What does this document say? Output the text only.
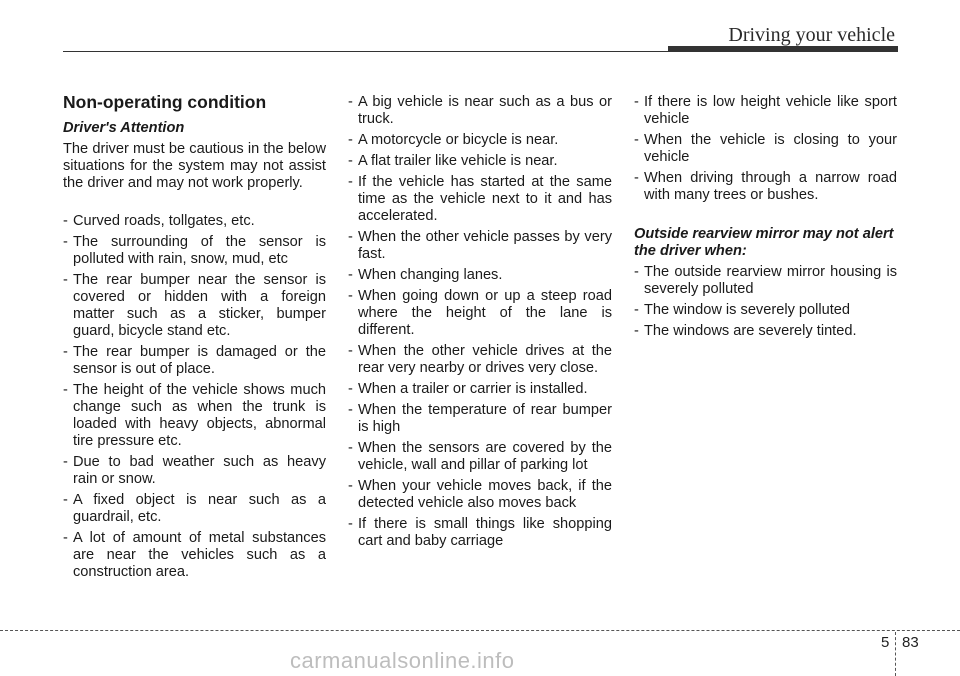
Driving your vehicle
Non-operating condition
Driver's Attention
The driver must be cautious in the below situations for the system may not assist the driver and may not work properly.
- Curved roads, tollgates, etc.
- The surrounding of the sensor is polluted with rain, snow, mud, etc
- The rear bumper near the sensor is covered or hidden with a foreign matter such as a sticker, bumper guard, bicycle stand etc.
- The rear bumper is damaged or the sensor is out of place.
- The height of the vehicle shows much change such as when the trunk is loaded with heavy objects, abnormal tire pressure etc.
- Due to bad weather such as heavy rain or snow.
- A fixed object is near such as a guardrail, etc.
- A lot of amount of metal substances are near the vehicles such as a construction area.
- A big vehicle is near such as a bus or truck.
- A motorcycle or bicycle is near.
- A flat trailer like vehicle is near.
- If the vehicle has started at the same time as the vehicle next to it and has accelerated.
- When the other vehicle passes by very fast.
- When changing lanes.
- When going down or up a steep road where the height of the lane is different.
- When the other vehicle drives at the rear very nearby or drives very close.
- When a trailer or carrier is installed.
- When the temperature of rear bumper is high
- When the sensors are covered by the vehicle, wall and pillar of parking lot
- When your vehicle moves back, if the detected vehicle also moves back
- If there is small things like shopping cart and baby carriage
- If there is low height vehicle like sport vehicle
- When the vehicle is closing to your vehicle
- When driving through a narrow road with many trees or bushes.
Outside rearview mirror may not alert the driver when:
- The outside rearview mirror housing is severely polluted
- The window is severely polluted
- The windows are severely tinted.
5 83
carmanualsonline.info
